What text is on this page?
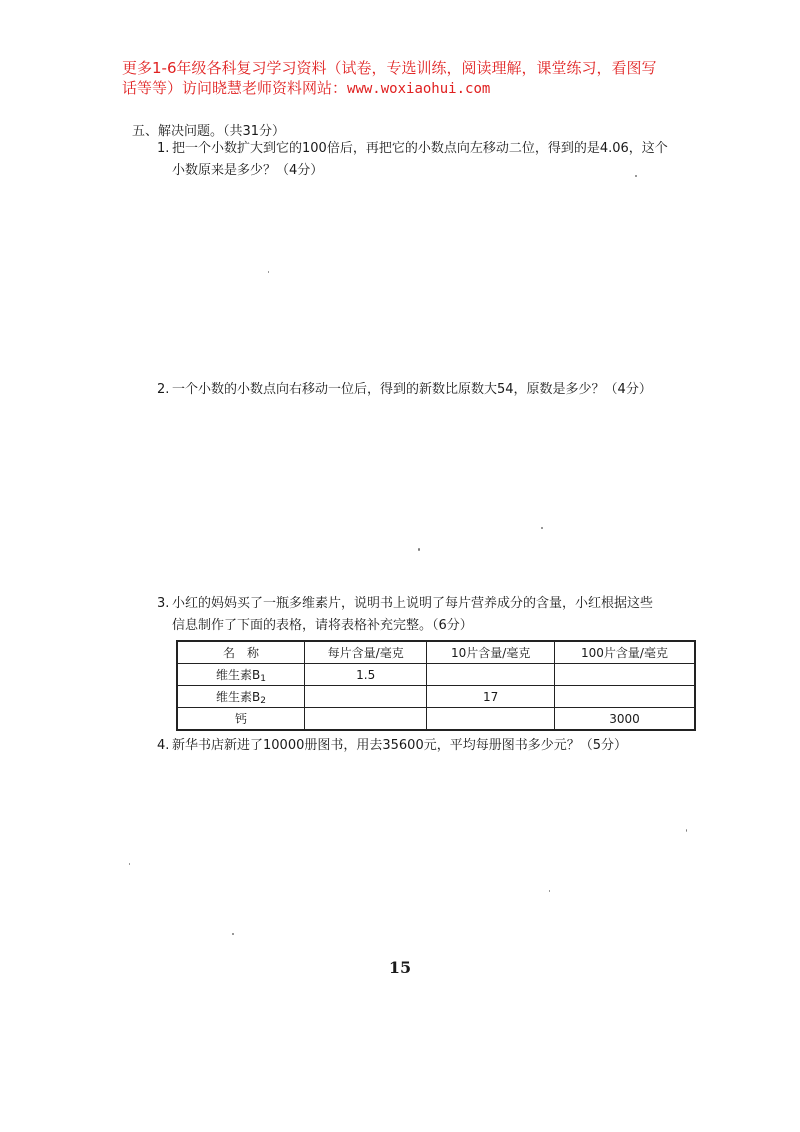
更多1-6年级各科复习学习资料（试卷，专选训练，阅读理解，课堂练习，看图写
话等等）访问晓慧老师资料网站：www.woxiaohui.com
五、解决问题。（共31分）
1. 把一个小数扩大到它的100倍后，再把它的小数点向左移动二位，得到的是4.06，这个
小数原来是多少？（4分）
2. 一个小数的小数点向右移动一位后，得到的新数比原数大54，原数是多少？（4分）
3. 小红的妈妈买了一瓶多维素片，说明书上说明了每片营养成分的含量，小红根据这些
信息制作了下面的表格，请将表格补充完整。（6分）
名　称	每片含量/毫克	10片含量/毫克	100片含量/毫克
维生素$B_1$	1.5		
维生素$B_2$		17	
钙			3000
4. 新华书店新进了10000册图书，用去35600元，平均每册图书多少元？（5分）
15
